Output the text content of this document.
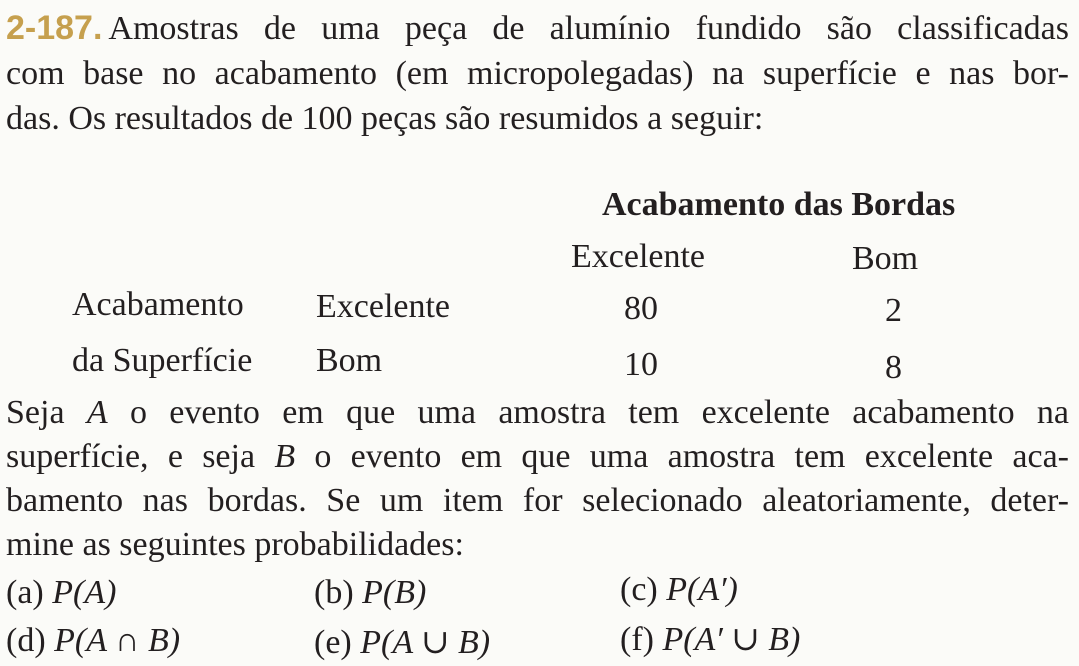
2-187. Amostras de uma peça de alumínio fundido são classificadas
com base no acabamento (em micropolegadas) na superfície e nas bor-
das. Os resultados de 100 peças são resumidos a seguir:
Acabamento das Bordas
Excelente	Bom
Acabamento Excelente	80	2
da Superfície Bom	10	8
Seja A o evento em que uma amostra tem excelente acabamento na
superfície, e seja B o evento em que uma amostra tem excelente aca-
bamento nas bordas. Se um item for selecionado aleatoriamente, deter-
mine as seguintes probabilidades:
(a) P(A)	(b) P(B)	(c) P(A′)
(d) P(A ∩ B)	(e) P(A ∪ B)	(f) P(A′ ∪ B)
